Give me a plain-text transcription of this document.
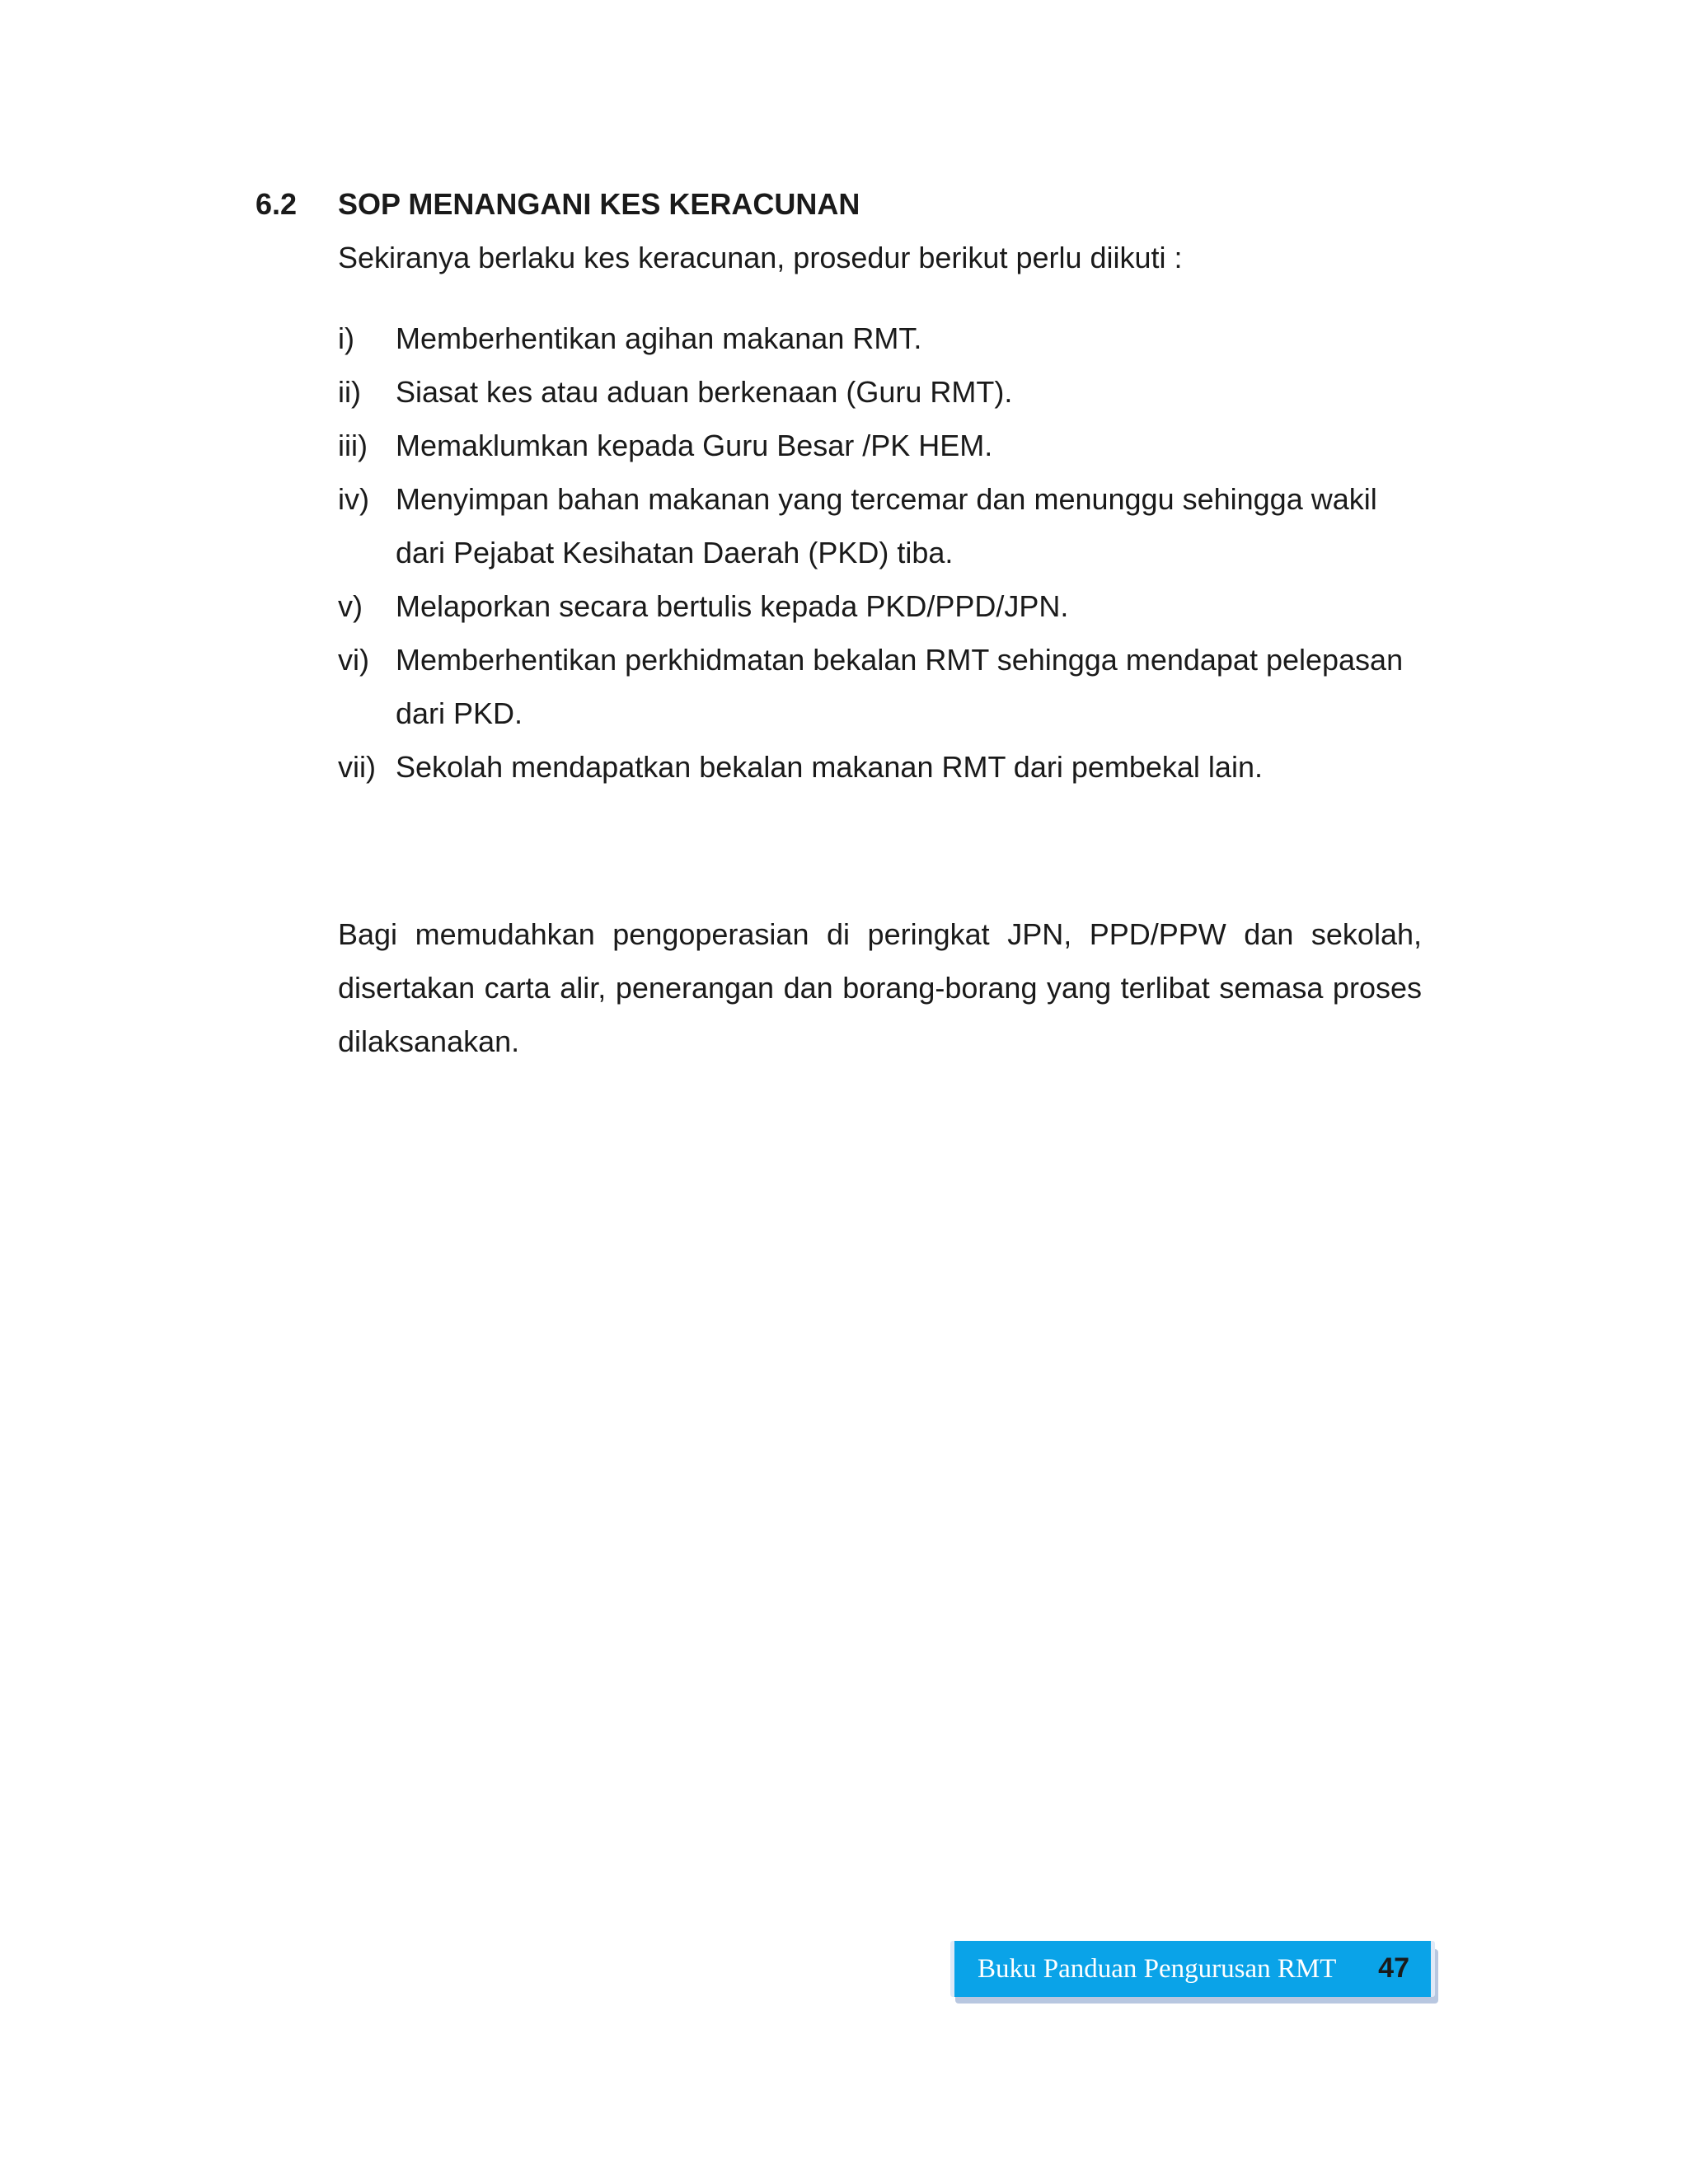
6.2 SOP MENANGANI KES KERACUNAN
Sekiranya berlaku kes keracunan, prosedur berikut perlu diikuti :
i) Memberhentikan agihan makanan RMT.
ii) Siasat kes atau aduan berkenaan (Guru RMT).
iii) Memaklumkan kepada Guru Besar /PK HEM.
iv) Menyimpan bahan makanan yang tercemar dan menunggu sehingga wakil dari Pejabat Kesihatan Daerah (PKD) tiba.
v) Melaporkan secara bertulis kepada PKD/PPD/JPN.
vi) Memberhentikan perkhidmatan bekalan RMT sehingga mendapat pelepasan dari PKD.
vii) Sekolah mendapatkan bekalan makanan RMT dari pembekal lain.

Bagi memudahkan pengoperasian di peringkat JPN, PPD/PPW dan sekolah, disertakan carta alir, penerangan dan borang-borang yang terlibat semasa proses dilaksanakan.

Buku Panduan Pengurusan RMT 47
